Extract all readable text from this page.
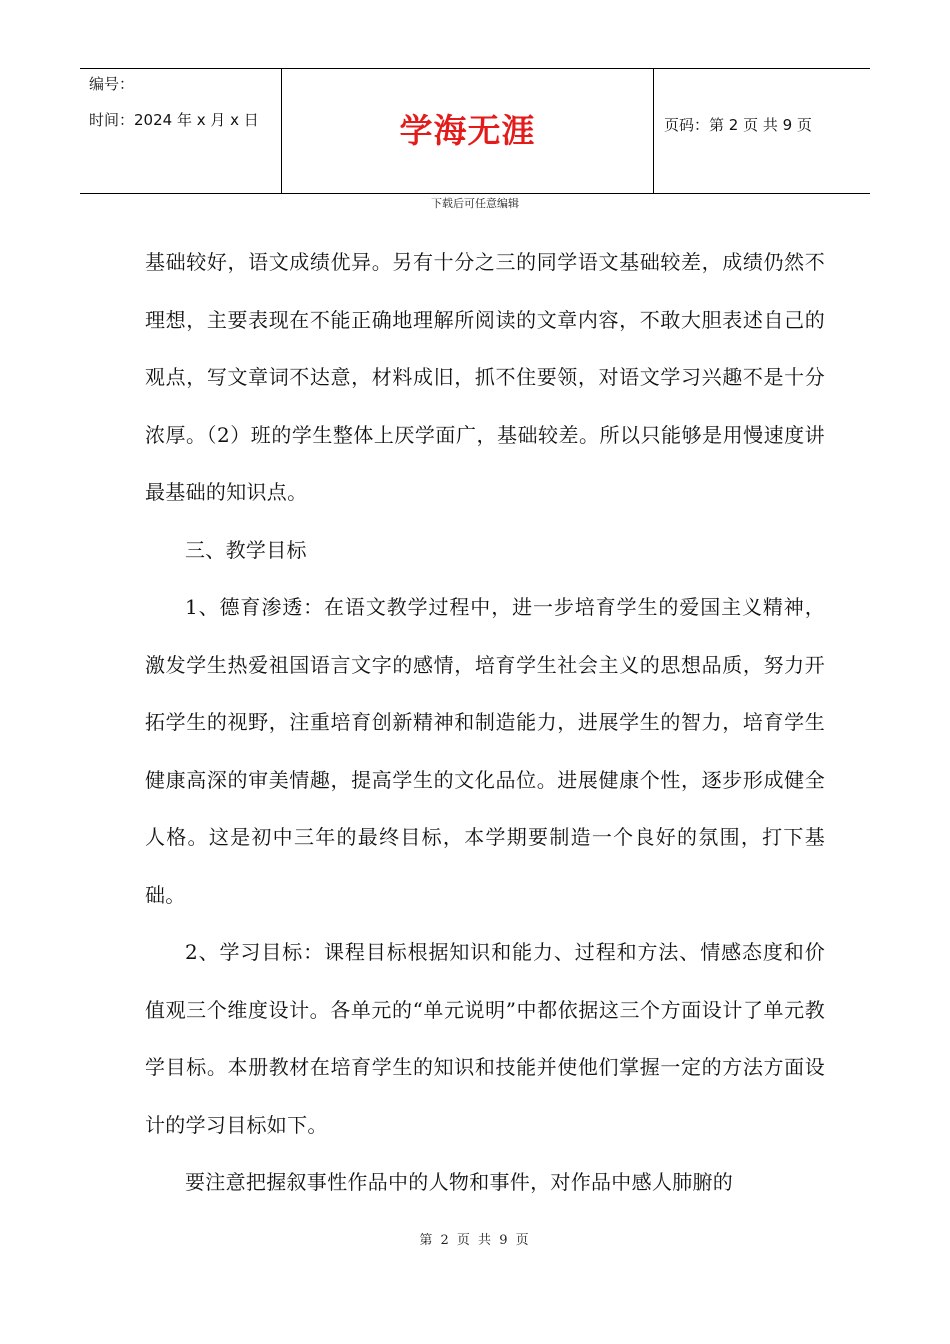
编号：
时间：2024 年 x 月 x 日	学海无涯	页码：第 2 页 共 9 页
下载后可任意编辑

基础较好，语文成绩优异。另有十分之三的同学语文基础较差，成绩仍然不理想，主要表现在不能正确地理解所阅读的文章内容，不敢大胆表述自己的观点，写文章词不达意，材料成旧，抓不住要领，对语文学习兴趣不是十分浓厚。（2）班的学生整体上厌学面广，基础较差。所以只能够是用慢速度讲最基础的知识点。

三、教学目标

1、德育渗透：在语文教学过程中，进一步培育学生的爱国主义精神，激发学生热爱祖国语言文字的感情，培育学生社会主义的思想品质，努力开拓学生的视野，注重培育创新精神和制造能力，进展学生的智力，培育学生健康高深的审美情趣，提高学生的文化品位。进展健康个性，逐步形成健全人格。这是初中三年的最终目标，本学期要制造一个良好的氛围，打下基础。

2、学习目标：课程目标根据知识和能力、过程和方法、情感态度和价值观三个维度设计。各单元的“单元说明”中都依据这三个方面设计了单元教学目标。本册教材在培育学生的知识和技能并使他们掌握一定的方法方面设计的学习目标如下。

要注意把握叙事性作品中的人物和事件，对作品中感人肺腑的

第 2 页 共 9 页
